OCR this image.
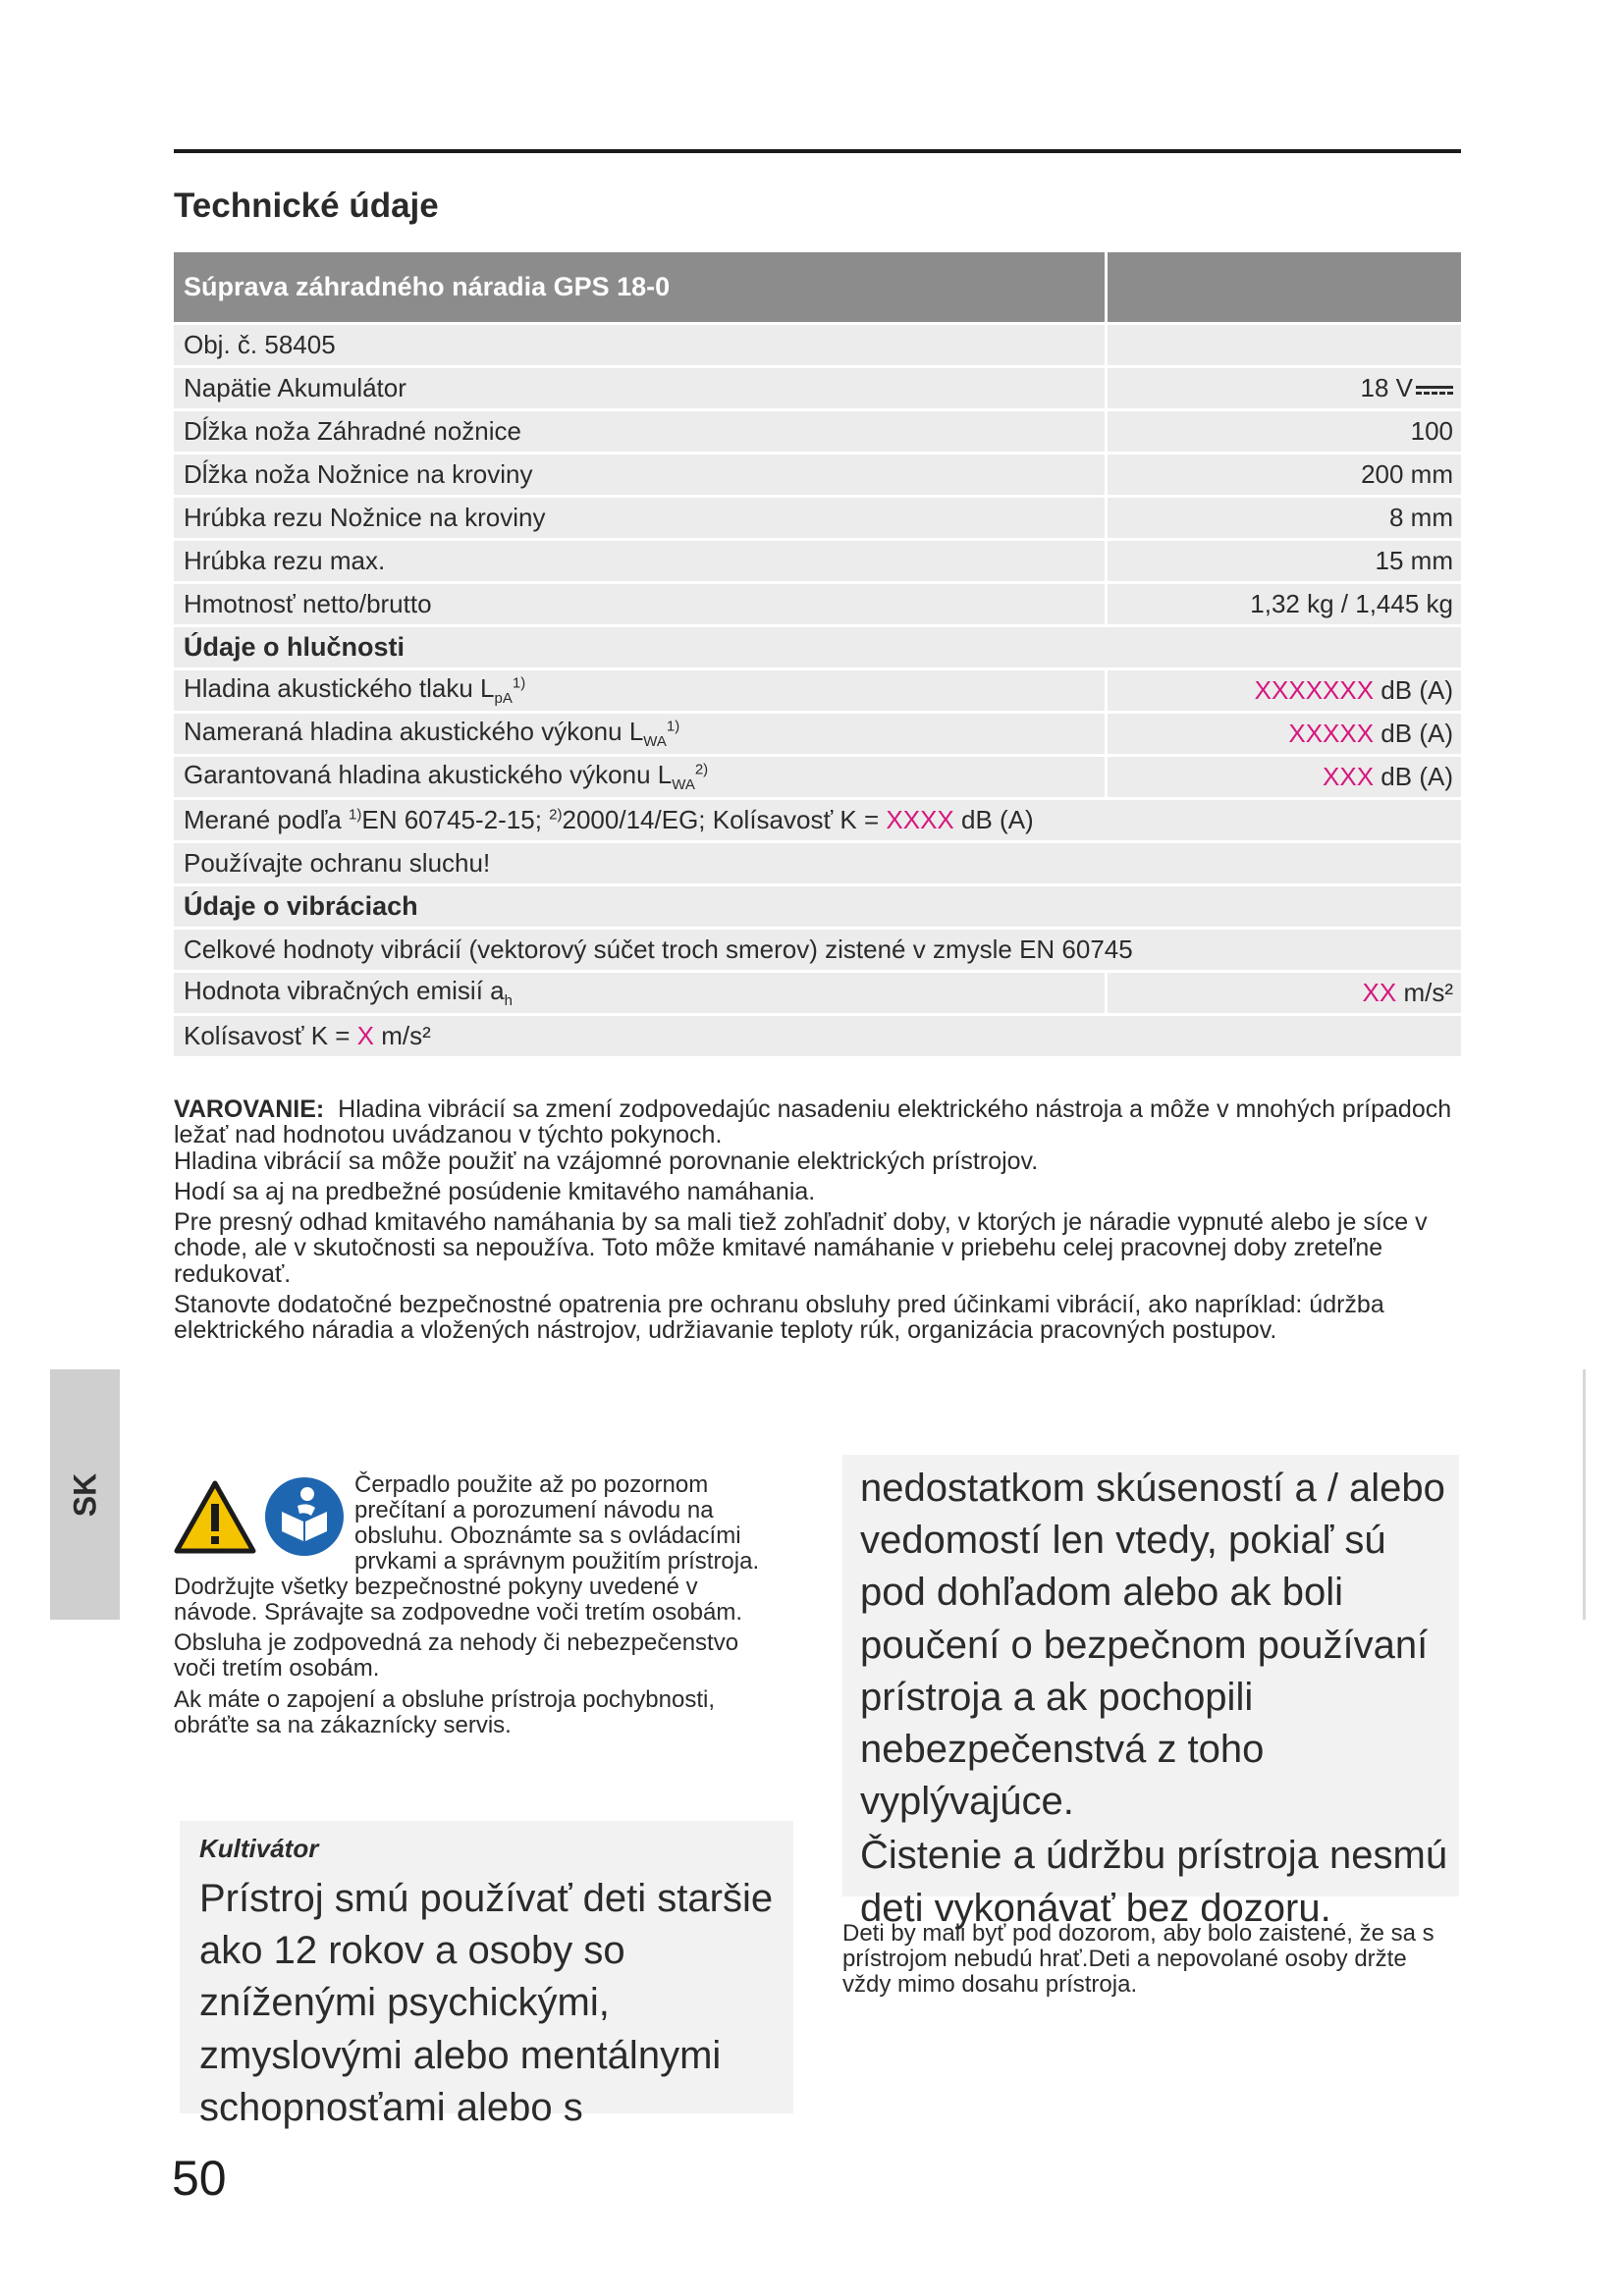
Technické údaje
Súprava záhradného náradia GPS 18-0	
Obj. č. 58405	
Napätie Akumulátor	18 V

Dĺžka noža Záhradné nožnice	100
Dĺžka noža Nožnice na kroviny	200 mm
Hrúbka rezu Nožnice na kroviny	8 mm
Hrúbka rezu max.	15 mm
Hmotnosť netto/brutto	1,32 kg / 1,445 kg
Údaje o hlučnosti	
Hladina akustického tlaku $L_{pA}^{1)}$	XXXXXXX dB (A)
Nameraná hladina akustického výkonu $L_{WA}^{1)}$	XXXXX dB (A)
Garantovaná hladina akustického výkonu $L_{WA}^{2)}$	XXX dB (A)
Merané podľa $^{1)}$EN 60745-2-15; $^{2)}$2000/14/EG; Kolísavosť K = XXXX dB (A)	
Používajte ochranu sluchu!	
Údaje o vibráciach	
Celkové hodnoty vibrácií (vektorový súčet troch smerov) zistené v zmysle EN 60745	
Hodnota vibračných emisií $a_h$	XX m/s²
Kolísavosť K = X m/s²	

VAROVANIE: Hladina vibrácií sa zmení zodpovedajúc nasadeniu elektrického nástroja a môže v mnohých prípadoch ležať nad hodnotou uvádzanou v týchto pokynoch.
Hladina vibrácií sa môže použiť na vzájomné porovnanie elektrických prístrojov.

Hodí sa aj na predbežné posúdenie kmitavého namáhania.

Pre presný odhad kmitavého namáhania by sa mali tiež zohľadniť doby, v ktorých je náradie vypnuté alebo je síce v chode, ale v skutočnosti sa nepoužíva. Toto môže kmitavé namáhanie v priebehu celej pracovnej doby zreteľne redukovať.

Stanovte dodatočné bezpečnostné opatrenia pre ochranu obsluhy pred účinkami vibrácií, ako napríklad: údržba elektrického náradia a vložených nástrojov, udržiavanie teploty rúk, organizácia pracovných postupov.

SK	Čerpadlo použite až po pozornom prečítaní a porozumení návodu na obsluhu. Oboznámte sa s ovládacími prvkami a správnym použitím prístroja. Dodržujte všetky bezpečnostné pokyny uvedené v návode. Správajte sa zodpovedne voči tretím osobám.

Obsluha je zodpovedná za nehody či nebezpečenstvo voči tretím osobám.

Ak máte o zapojení a obsluhe prístroja pochybnosti, obráťte sa na zákaznícky servis.

Kultivátor

Prístroj smú používať deti staršie ako 12 rokov a osoby so zníženými psychickými, zmyslovými alebo mentálnymi schopnosťami alebo s

nedostatkom skúseností a / alebo vedomostí len vtedy, pokiaľ sú pod dohľadom alebo ak boli poučení o bezpečnom používaní prístroja a ak pochopili nebezpečenstvá z toho vyplývajúce.

Čistenie a údržbu prístroja nesmú deti vykonávať bez dozoru.

Deti by mali byť pod dozorom, aby bolo zaistené, že sa s prístrojom nebudú hrať.Deti a nepovolané osoby držte vždy mimo dosahu prístroja.

50
